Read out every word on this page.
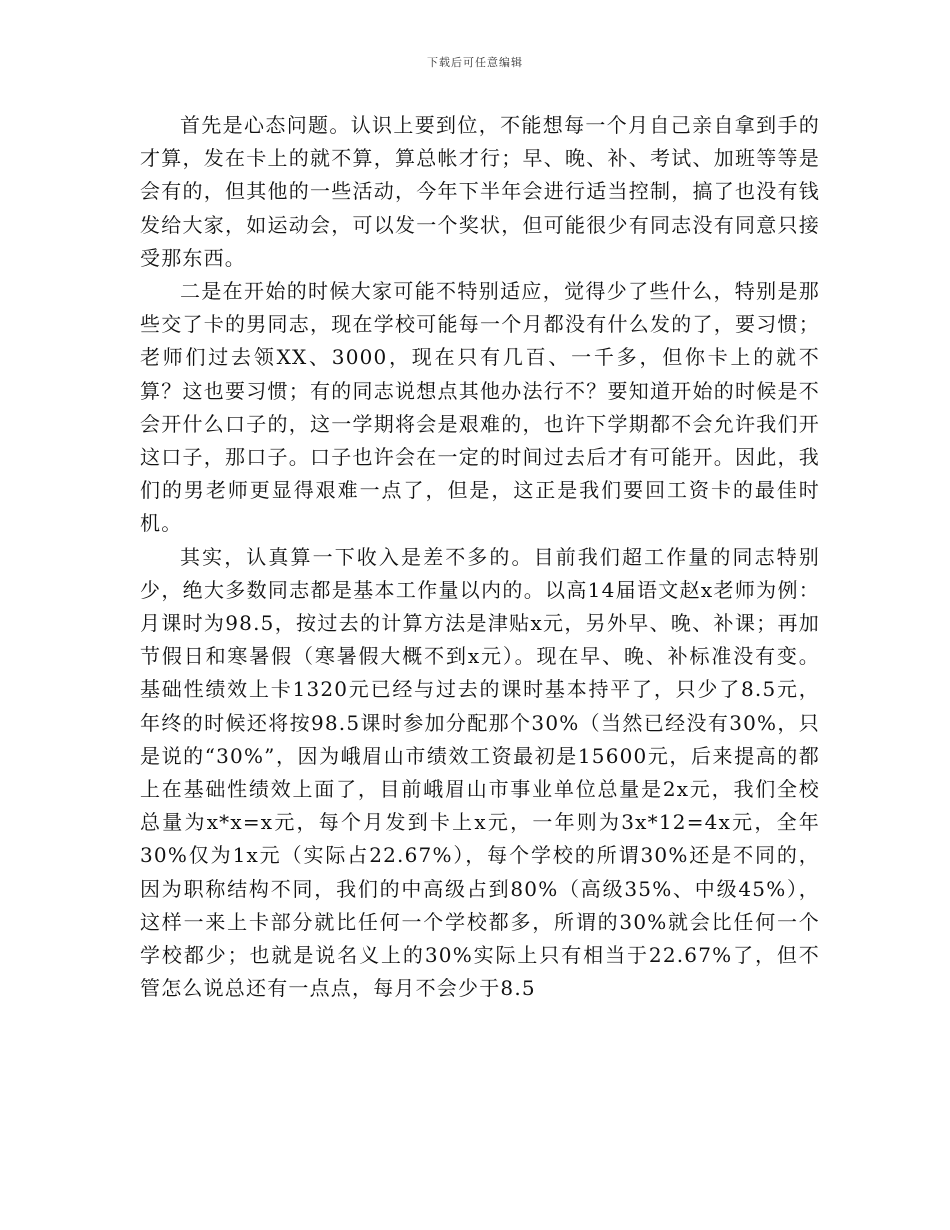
下载后可任意编辑

首先是心态问题。认识上要到位，不能想每一个月自己亲自拿到手的才算，发在卡上的就不算，算总帐才行；早、晚、补、考试、加班等等是会有的，但其他的一些活动，今年下半年会进行适当控制，搞了也没有钱发给大家，如运动会，可以发一个奖状，但可能很少有同志没有同意只接受那东西。

二是在开始的时候大家可能不特别适应，觉得少了些什么，特别是那些交了卡的男同志，现在学校可能每一个月都没有什么发的了，要习惯；老师们过去领XX、3000，现在只有几百、一千多，但你卡上的就不算？这也要习惯；有的同志说想点其他办法行不？要知道开始的时候是不会开什么口子的，这一学期将会是艰难的，也许下学期都不会允许我们开这口子，那口子。口子也许会在一定的时间过去后才有可能开。因此，我们的男老师更显得艰难一点了，但是，这正是我们要回工资卡的最佳时机。

其实，认真算一下收入是差不多的。目前我们超工作量的同志特别少，绝大多数同志都是基本工作量以内的。以高14届语文赵x老师为例：月课时为98.5，按过去的计算方法是津贴x元，另外早、晚、补课；再加节假日和寒暑假（寒暑假大概不到x元）。现在早、晚、补标准没有变。基础性绩效上卡1320元已经与过去的课时基本持平了，只少了8.5元，年终的时候还将按98.5课时参加分配那个30%（当然已经没有30%，只是说的“30%”，因为峨眉山市绩效工资最初是15600元，后来提高的都上在基础性绩效上面了，目前峨眉山市事业单位总量是2x元，我们全校总量为x*x=x元，每个月发到卡上x元，一年则为3x*12=4x元，全年30%仅为1x元（实际占22.67%），每个学校的所谓30%还是不同的，因为职称结构不同，我们的中高级占到80%（高级35%、中级45%），这样一来上卡部分就比任何一个学校都多，所谓的30%就会比任何一个学校都少；也就是说名义上的30%实际上只有相当于22.67%了，但不管怎么说总还有一点点，每月不会少于8.5
